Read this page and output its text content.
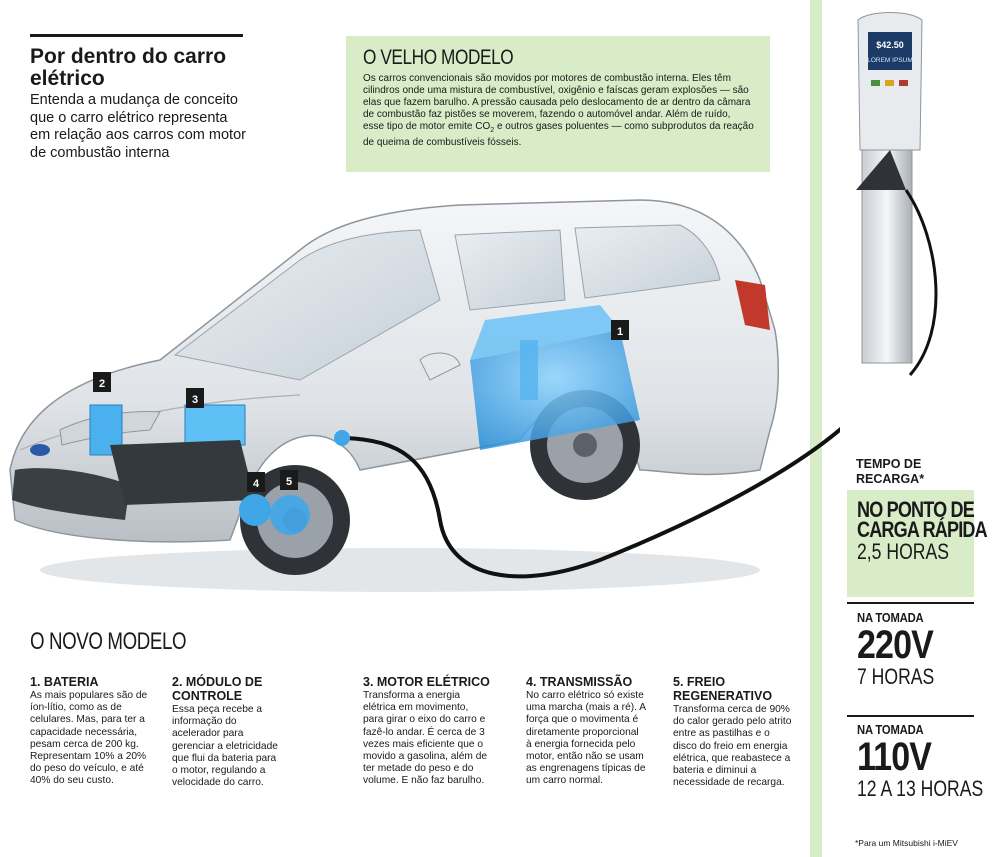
Por dentro do carro elétrico
Entenda a mudança de conceito que o carro elétrico representa em relação aos carros com motor de combustão interna
O VELHO MODELO
Os carros convencionais são movidos por motores de combustão interna. Eles têm cilindros onde uma mistura de combustível, oxigênio e faíscas geram explosões — são elas que fazem barulho. A pressão causada pelo deslocamento de ar dentro da câmara de combustão faz pistões se moverem, fazendo o automóvel andar. Além de ruído, esse tipo de motor emite $CO_2$ e outros gases poluentes — como subprodutos da reação de queima de combustíveis fósseis.
1
2
3
4 5
$42.50
LOREM IPSUM
O NOVO MODELO
1. BATERIA
As mais populares são de íon-lítio, como as de celulares. Mas, para ter a capacidade necessária, pesam cerca de 200 kg. Representam 10% a 20% do peso do veículo, e até 40% do seu custo.
2. MÓDULO DE CONTROLE
Essa peça recebe a informação do acelerador para gerenciar a eletricidade que flui da bateria para o motor, regulando a velocidade do carro.
3. MOTOR ELÉTRICO
Transforma a energia elétrica em movimento, para girar o eixo do carro e fazê-lo andar. É cerca de 3 vezes mais eficiente que o movido a gasolina, além de ter metade do peso e do volume. E não faz barulho.
4. TRANSMISSÃO
No carro elétrico só existe uma marcha (mais a ré). A força que o movimenta é diretamente proporcional à energia fornecida pelo motor, então não se usam as engrenagens típicas de um carro normal.
5. FREIO REGENERATIVO
Transforma cerca de 90% do calor gerado pelo atrito entre as pastilhas e o disco do freio em energia elétrica, que reabastece a bateria e diminui a necessidade de recarga.
TEMPO DE RECARGA*
NO PONTO DE
CARGA RÁPIDA
2,5 HORAS
NA TOMADA
220V
7 HORAS
NA TOMADA
110V
12 A 13 HORAS
*Para um Mitsubishi i-MiEV
